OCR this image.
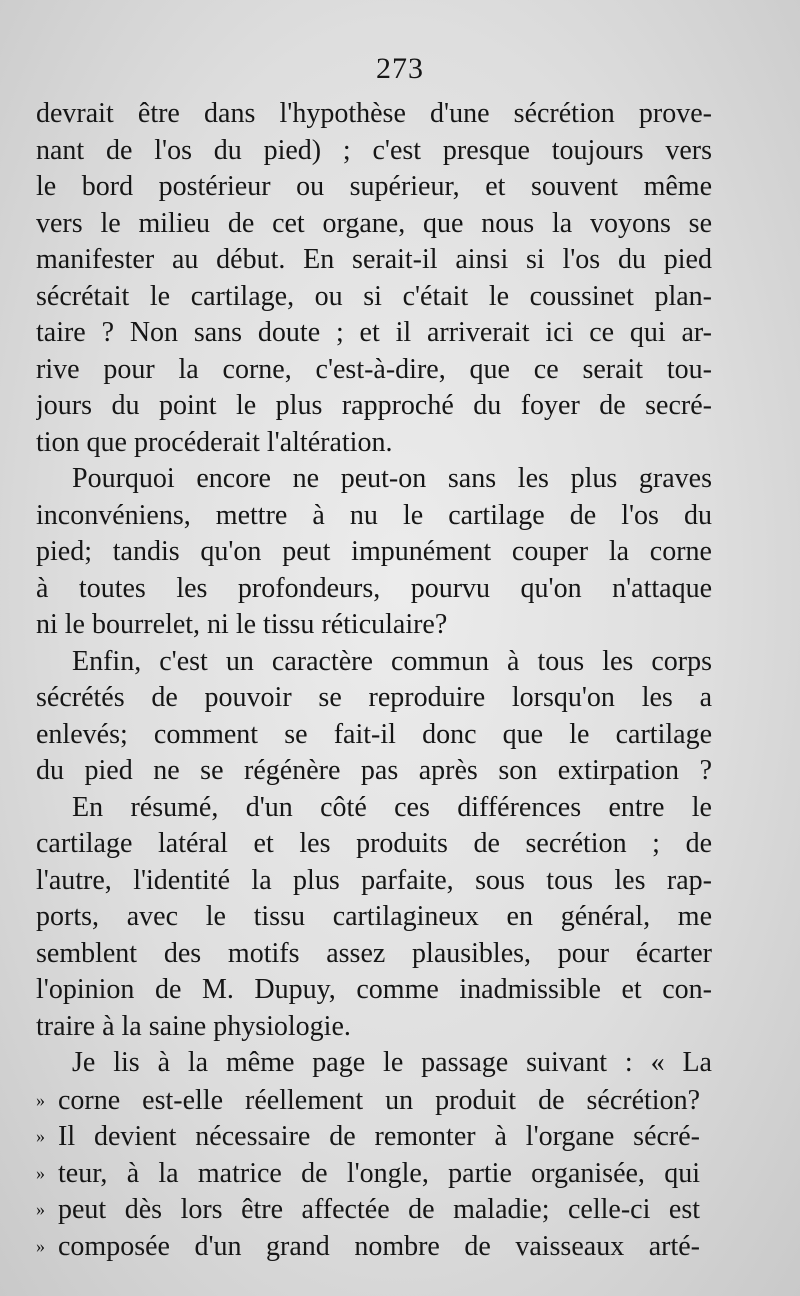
273
devrait être dans l'hypothèse d'une sécrétion prove-
nant de l'os du pied) ; c'est presque toujours vers
le bord postérieur ou supérieur, et souvent même
vers le milieu de cet organe, que nous la voyons se
manifester au début. En serait-il ainsi si l'os du pied
sécrétait le cartilage, ou si c'était le coussinet plan-
taire ? Non sans doute ; et il arriverait ici ce qui ar-
rive pour la corne, c'est-à-dire, que ce serait tou-
jours du point le plus rapproché du foyer de secré-
tion que procéderait l'altération.
Pourquoi encore ne peut-on sans les plus graves
inconvéniens, mettre à nu le cartilage de l'os du
pied; tandis qu'on peut impunément couper la corne
à toutes les profondeurs, pourvu qu'on n'attaque
ni le bourrelet, ni le tissu réticulaire?
Enfin, c'est un caractère commun à tous les corps
sécrétés de pouvoir se reproduire lorsqu'on les a
enlevés; comment se fait-il donc que le cartilage
du pied ne se régénère pas après son extirpation ?
En résumé, d'un côté ces différences entre le
cartilage latéral et les produits de secrétion ; de
l'autre, l'identité la plus parfaite, sous tous les rap-
ports, avec le tissu cartilagineux en général, me
semblent des motifs assez plausibles, pour écarter
l'opinion de M. Dupuy, comme inadmissible et con-
traire à la saine physiologie.
Je lis à la même page le passage suivant : « La
» corne est-elle réellement un produit de sécrétion?
» Il devient nécessaire de remonter à l'organe sécré-
» teur, à la matrice de l'ongle, partie organisée, qui
» peut dès lors être affectée de maladie; celle-ci est
» composée d'un grand nombre de vaisseaux arté-
